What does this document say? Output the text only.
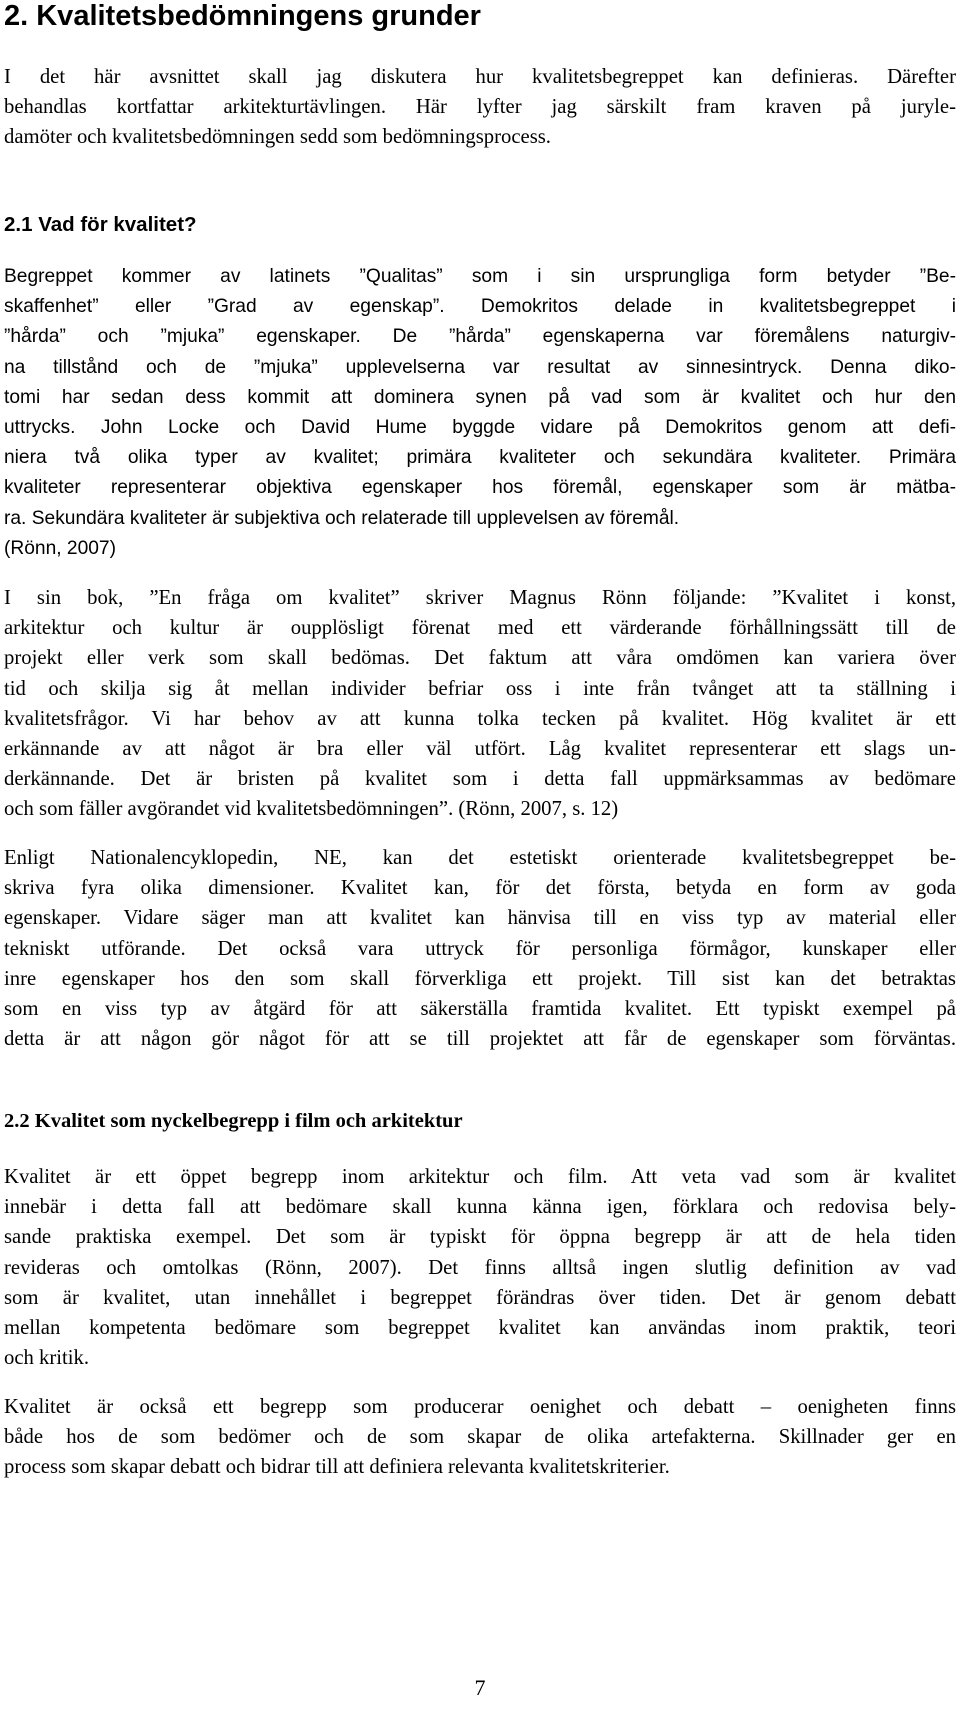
2. Kvalitetsbedömningens grunder

I det här avsnittet skall jag diskutera hur kvalitetsbegreppet kan definieras. Därefter
behandlas kortfattar arkitekturtävlingen. Här lyfter jag särskilt fram kraven på juryle-
damöter och kvalitetsbedömningen sedd som bedömningsprocess.

2.1 Vad för kvalitet?

Begreppet kommer av latinets ”Qualitas” som i sin ursprungliga form betyder ”Be-
skaffenhet” eller ”Grad av egenskap”. Demokritos delade in kvalitetsbegreppet i
”hårda” och ”mjuka” egenskaper. De ”hårda” egenskaperna var föremålens naturgiv-
na tillstånd och de ”mjuka” upplevelserna var resultat av sinnesintryck. Denna diko-
tomi har sedan dess kommit att dominera synen på vad som är kvalitet och hur den
uttrycks. John Locke och David Hume byggde vidare på Demokritos genom att defi-
niera två olika typer av kvalitet; primära kvaliteter och sekundära kvaliteter. Primära
kvaliteter representerar objektiva egenskaper hos föremål, egenskaper som är mätba-
ra. Sekundära kvaliteter är subjektiva och relaterade till upplevelsen av föremål.
(Rönn, 2007)

I sin bok, ”En fråga om kvalitet” skriver Magnus Rönn följande: ”Kvalitet i konst,
arkitektur och kultur är oupplösligt förenat med ett värderande förhållningssätt till de
projekt eller verk som skall bedömas. Det faktum att våra omdömen kan variera över
tid och skilja sig åt mellan individer befriar oss i inte från tvånget att ta ställning i
kvalitetsfrågor. Vi har behov av att kunna tolka tecken på kvalitet. Hög kvalitet är ett
erkännande av att något är bra eller väl utfört. Låg kvalitet representerar ett slags un-
derkännande. Det är bristen på kvalitet som i detta fall uppmärksammas av bedömare
och som fäller avgörandet vid kvalitetsbedömningen”. (Rönn, 2007, s. 12)

Enligt Nationalencyklopedin, NE, kan det estetiskt orienterade kvalitetsbegreppet be-
skriva fyra olika dimensioner. Kvalitet kan, för det första, betyda en form av goda
egenskaper. Vidare säger man att kvalitet kan hänvisa till en viss typ av material eller
tekniskt utförande. Det också vara uttryck för personliga förmågor, kunskaper eller
inre egenskaper hos den som skall förverkliga ett projekt. Till sist kan det betraktas
som en viss typ av åtgärd för att säkerställa framtida kvalitet. Ett typiskt exempel på
detta är att någon gör något för att se till projektet att får de egenskaper som förväntas.

2.2 Kvalitet som nyckelbegrepp i film och arkitektur

Kvalitet är ett öppet begrepp inom arkitektur och film. Att veta vad som är kvalitet
innebär i detta fall att bedömare skall kunna känna igen, förklara och redovisa bely-
sande praktiska exempel. Det som är typiskt för öppna begrepp är att de hela tiden
revideras och omtolkas (Rönn, 2007). Det finns alltså ingen slutlig definition av vad
som är kvalitet, utan innehållet i begreppet förändras över tiden. Det är genom debatt
mellan kompetenta bedömare som begreppet kvalitet kan användas inom praktik, teori
och kritik.

Kvalitet är också ett begrepp som producerar oenighet och debatt – oenigheten finns
både hos de som bedömer och de som skapar de olika artefakterna. Skillnader ger en
process som skapar debatt och bidrar till att definiera relevanta kvalitetskriterier.

7
